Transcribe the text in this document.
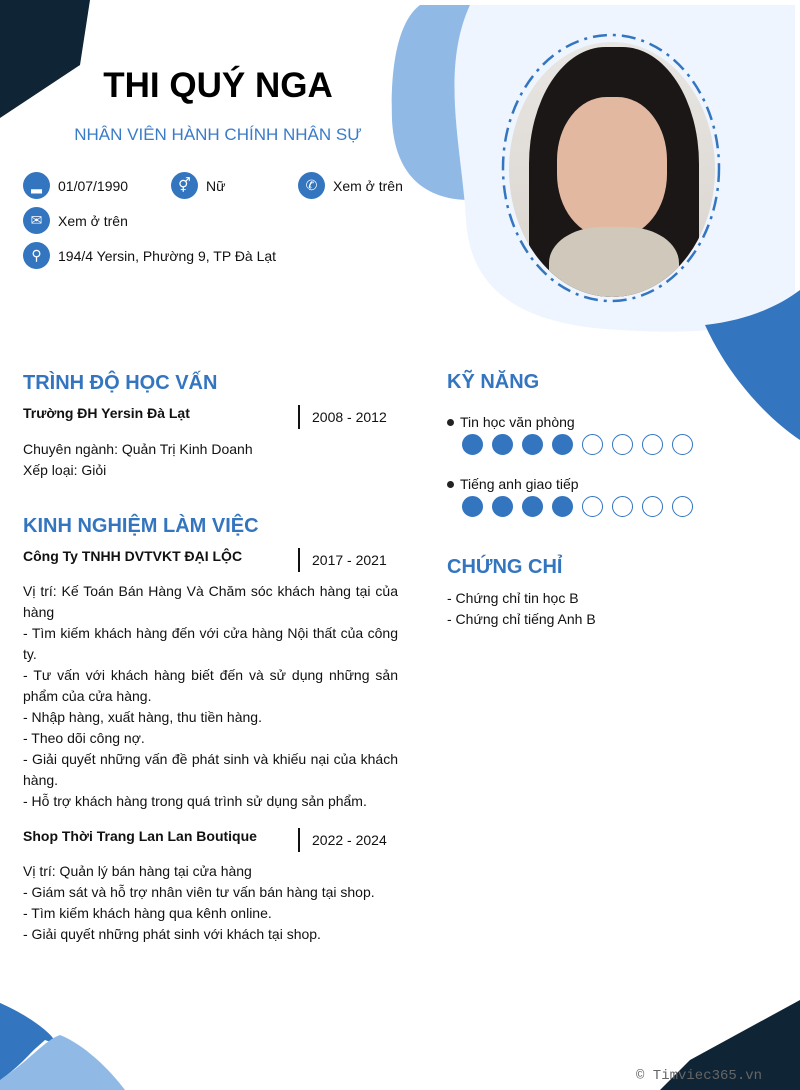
THI QUÝ NGA
NHÂN VIÊN HÀNH CHÍNH NHÂN SỰ
▂	01/07/1990	⚥	Nữ	✆	Xem ở trên
✉	Xem ở trên
⚲	194/4 Yersin, Phường 9, TP Đà Lạt
TRÌNH ĐỘ HỌC VẤN
Trường ĐH Yersin Đà Lạt	2008 - 2012
Chuyên ngành: Quản Trị Kinh Doanh
Xếp loại: Giỏi
KINH NGHIỆM LÀM VIỆC
Công Ty TNHH DVTVKT ĐẠI LỘC	2017 - 2021
Vị trí: Kế Toán Bán Hàng Và Chăm sóc khách hàng tại của hàng
- Tìm kiếm khách hàng đến với cửa hàng Nội thất của công ty.
- Tư vấn với khách hàng biết đến và sử dụng những sản phẩm của cửa hàng.
- Nhập hàng, xuất hàng, thu tiền hàng.
- Theo dõi công nợ.
- Giải quyết những vấn đề phát sinh và khiếu nại của khách hàng.
- Hỗ trợ khách hàng trong quá trình sử dụng sản phẩm.
Shop Thời Trang Lan Lan Boutique	2022 - 2024
Vị trí: Quản lý bán hàng tại cửa hàng
- Giám sát và hỗ trợ nhân viên tư vấn bán hàng tại shop.
- Tìm kiếm khách hàng qua kênh online.
- Giải quyết những phát sinh với khách tại shop.
KỸ NĂNG
Tin học văn phòng
Tiếng anh giao tiếp
CHỨNG CHỈ
- Chứng chỉ tin học B
- Chứng chỉ tiếng Anh B
© Timviec365.vn
